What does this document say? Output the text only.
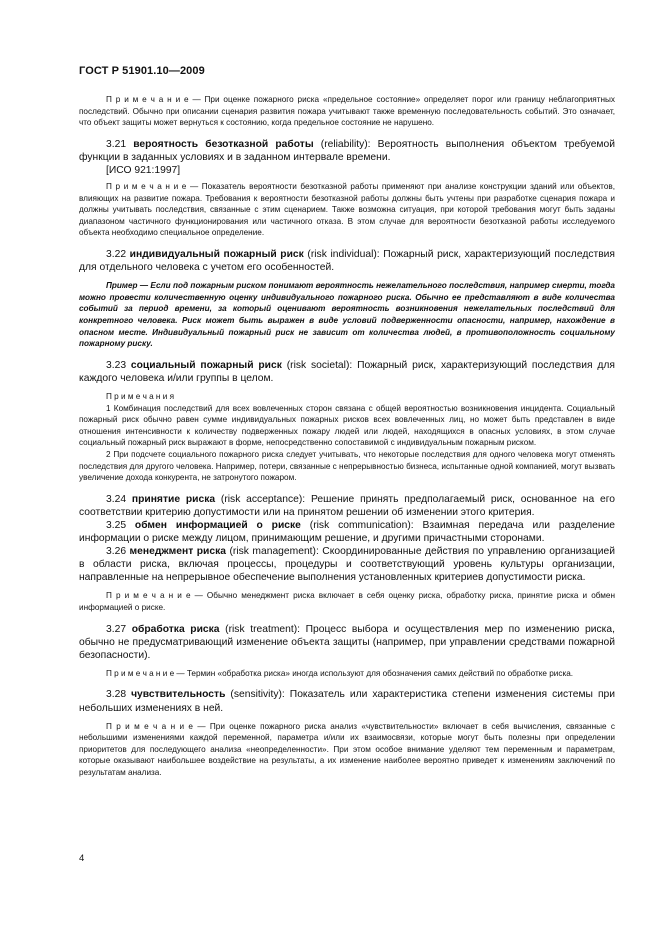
ГОСТ Р 51901.10—2009

П р и м е ч а н и е — При оценке пожарного риска «предельное состояние» определяет порог или границу неблагоприятных последствий. Обычно при описании сценария развития пожара учитывают также временную последовательность событий. Это означает, что объект защиты может вернуться к состоянию, когда предельное состояние не нарушено.

3.21 вероятность безотказной работы (reliability): Вероятность выполнения объектом требуемой функции в заданных условиях и в заданном интервале времени.

[ИСО 921:1997]

П р и м е ч а н и е — Показатель вероятности безотказной работы применяют при анализе конструкции зданий или объектов, влияющих на развитие пожара. Требования к вероятности безотказной работы должны быть учтены при разработке сценария пожара и должны учитывать последствия, связанные с этим сценарием. Также возможна ситуация, при которой требования могут быть заданы диапазоном частичного функционирования или частичного отказа. В этом случае для вероятности безотказной работы исследуемого объекта необходимо специальное определение.

3.22 индивидуальный пожарный риск (risk individual): Пожарный риск, характеризующий последствия для отдельного человека с учетом его особенностей.

Пример — Если под пожарным риском понимают вероятность нежелательного последствия, например смерти, тогда можно провести количественную оценку индивидуального пожарного риска. Обычно ее представляют в виде количества событий за период времени, за который оценивают вероятность возникновения нежелательных последствий для конкретного человека. Риск может быть выражен в виде условий подверженности опасности, например, нахождение в опасном месте. Индивидуальный пожарный риск не зависит от количества людей, в противоположность социальному пожарному риску.

3.23 социальный пожарный риск (risk societal): Пожарный риск, характеризующий последствия для каждого человека и/или группы в целом.

П р и м е ч а н и я

1 Комбинация последствий для всех вовлеченных сторон связана с общей вероятностью возникновения инцидента. Социальный пожарный риск обычно равен сумме индивидуальных пожарных рисков всех вовлеченных лиц, но может быть представлен в виде отношения интенсивности к количеству подверженных пожару людей или людей, находящихся в опасных условиях, в этом случае социальный пожарный риск выражают в форме, непосредственно сопоставимой с индивидуальным пожарным риском.

2 При подсчете социального пожарного риска следует учитывать, что некоторые последствия для одного человека могут отменять последствия для другого человека. Например, потери, связанные с непрерывностью бизнеса, испытанные одной компанией, могут вызвать увеличение дохода конкурента, не затронутого пожаром.

3.24 принятие риска (risk acceptance): Решение принять предполагаемый риск, основанное на его соответствии критерию допустимости или на принятом решении об изменении этого критерия.

3.25 обмен информацией о риске (risk communication): Взаимная передача или разделение информации о риске между лицом, принимающим решение, и другими причастными сторонами.

3.26 менеджмент риска (risk management): Скоординированные действия по управлению организацией в области риска, включая процессы, процедуры и соответствующий уровень культуры организации, направленные на непрерывное обеспечение выполнения установленных критериев допустимости риска.

П р и м е ч а н и е — Обычно менеджмент риска включает в себя оценку риска, обработку риска, принятие риска и обмен информацией о риске.

3.27 обработка риска (risk treatment): Процесс выбора и осуществления мер по изменению риска, обычно не предусматривающий изменение объекта защиты (например, при управлении средствами пожарной безопасности).

П р и м е ч а н и е — Термин «обработка риска» иногда используют для обозначения самих действий по обработке риска.

3.28 чувствительность (sensitivity): Показатель или характеристика степени изменения системы при небольших изменениях в ней.

П р и м е ч а н и е — При оценке пожарного риска анализ «чувствительности» включает в себя вычисления, связанные с небольшими изменениями каждой переменной, параметра и/или их взаимосвязи, которые могут быть полезны при определении приоритетов для последующего анализа «неопределенности». При этом особое внимание уделяют тем переменным и параметрам, которые оказывают наибольшее воздействие на результаты, а их изменение наиболее вероятно приведет к изменениям заключений по результатам анализа.

4
